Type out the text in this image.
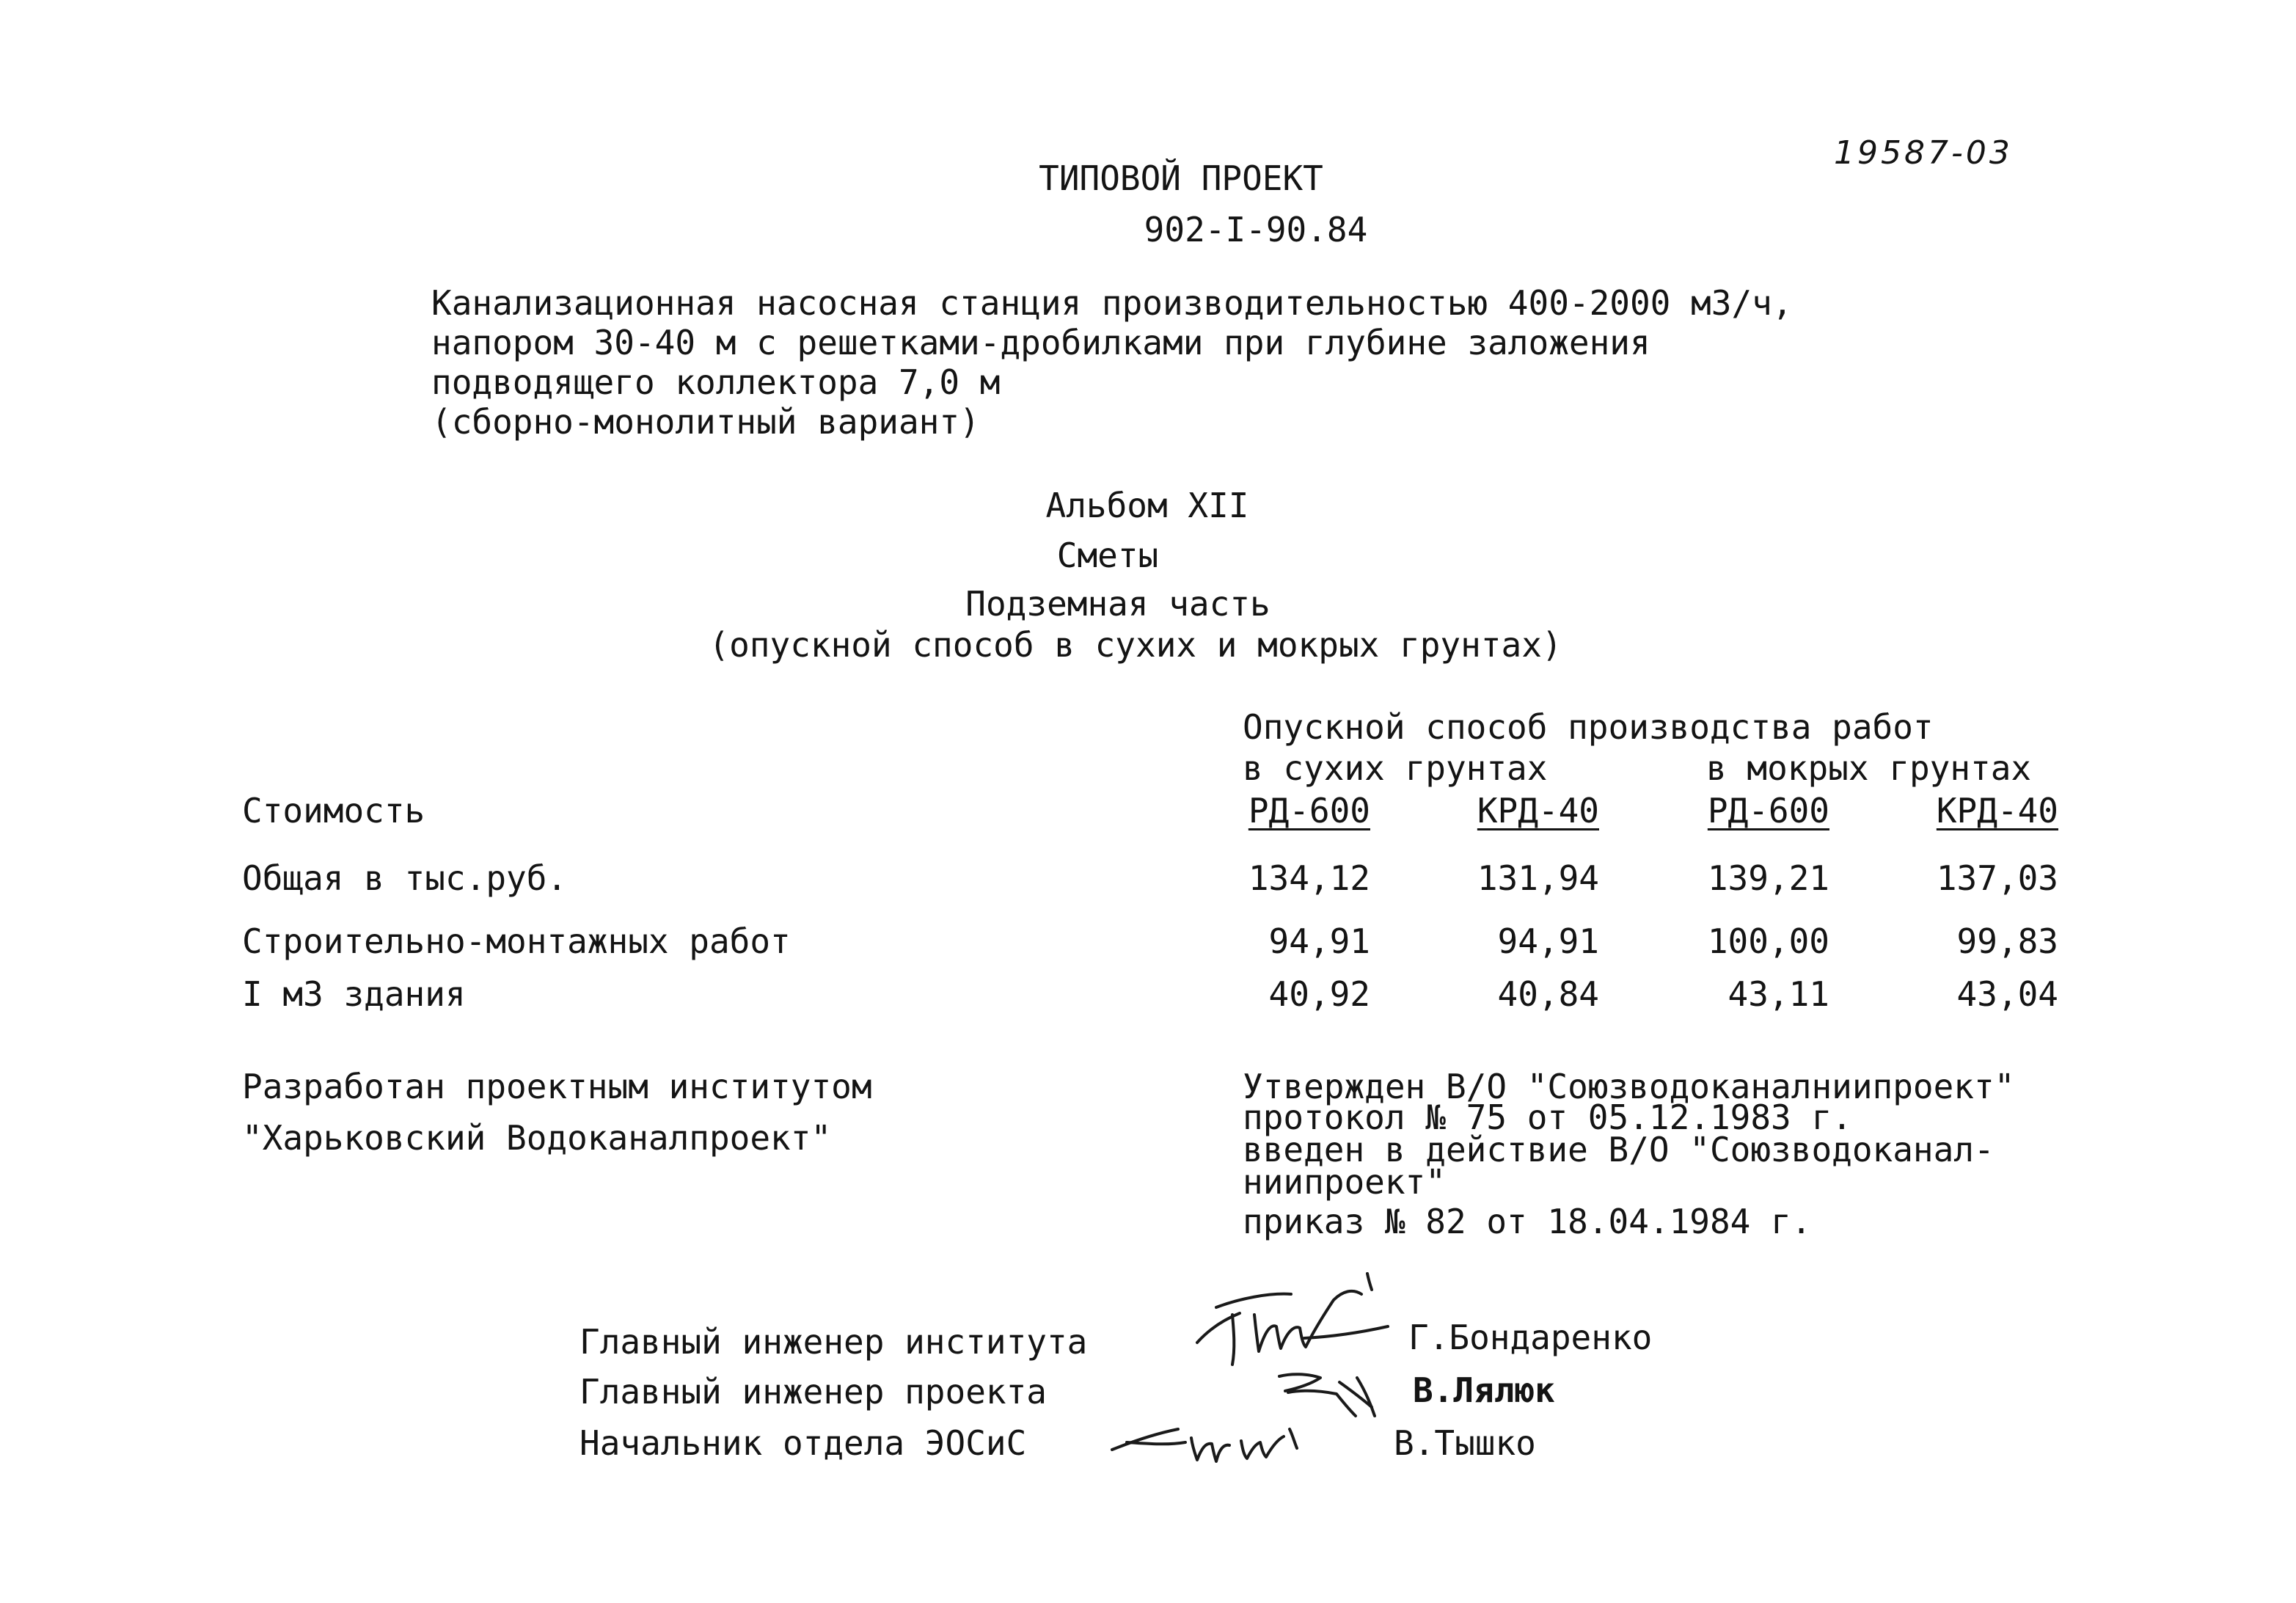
19587-03
ТИПОВОЙ ПРОЕКТ
902-I-90.84
Канализационная насосная станция производительностью 400-2000 м3/ч,
напором 30-40 м с решетками-дробилками при глубине заложения
подводящего коллектора 7,0 м
(сборно-монолитный вариант)
Альбом XII
Сметы
Подземная часть
(опускной способ в сухих и мокрых грунтах)
Опускной способ производства работ
в сухих грунтах	в мокрых грунтах
Стоимость	РД-600	КРД-40	РД-600	КРД-40
Общая в тыс.руб.	134,12	131,94	139,21	137,03
Строительно-монтажных работ	94,91	94,91	100,00	99,83
I м3 здания	40,92	40,84	43,11	43,04
Разработан проектным институтом
"Харьковский Водоканалпроект"
Утвержден В/О "Союзводоканалниипроект"
протокол № 75 от 05.12.1983 г.
введен в действие В/О "Союзводоканал-
ниипроект"
приказ № 82 от 18.04.1984 г.
Главный инженер института	Г.Бондаренко
Главный инженер проекта	В.Лялюк
Начальник отдела ЭОСиС	В.Тышко
